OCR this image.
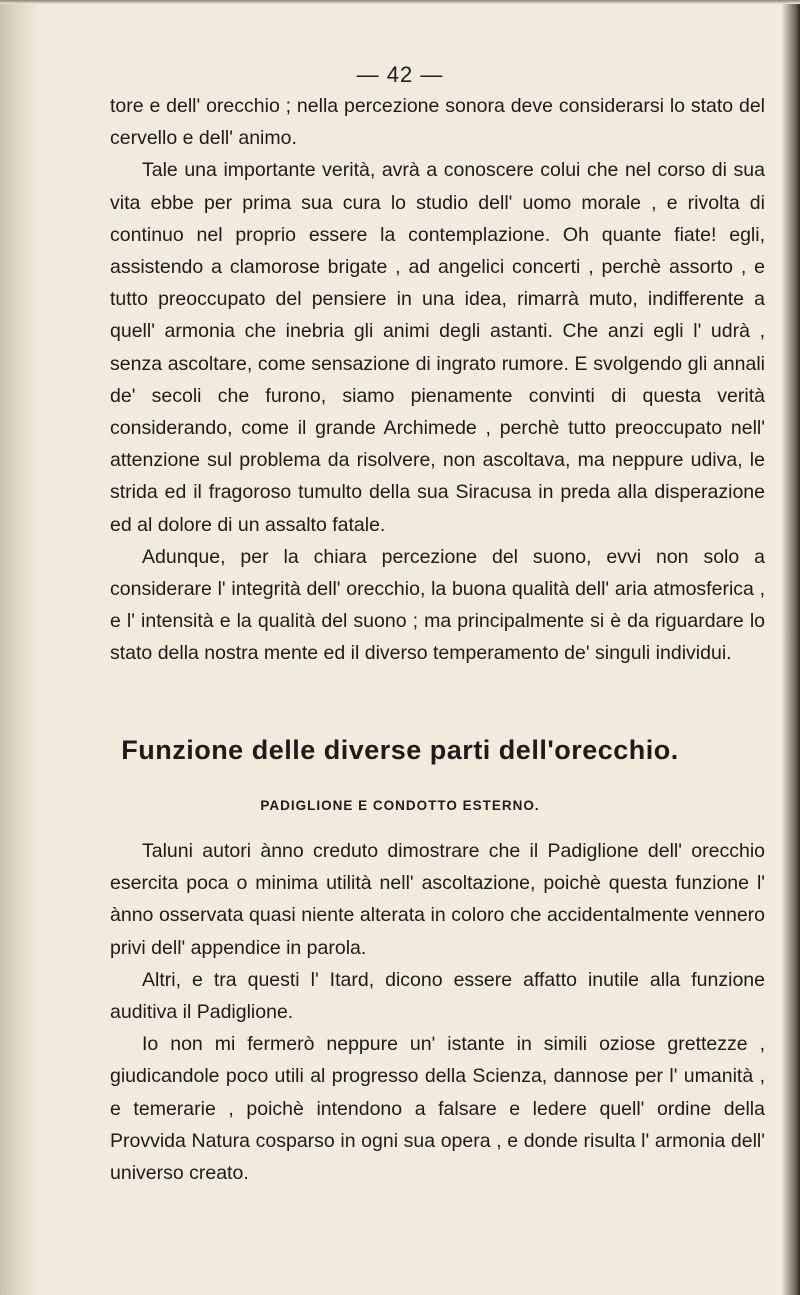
— 42 —

tore e dell' orecchio ; nella percezione sonora deve considerarsi lo stato del cervello e dell' animo.

Tale una importante verità, avrà a conoscere colui che nel corso di sua vita ebbe per prima sua cura lo studio dell' uomo morale , e rivolta di continuo nel proprio essere la contemplazione. Oh quante fiate! egli, assistendo a clamorose brigate , ad angelici concerti , perchè assorto , e tutto preoccupato del pensiere in una idea, rimarrà muto, indifferente a quell' armonia che inebria gli animi degli astanti. Che anzi egli l' udrà , senza ascoltare, come sensazione di ingrato rumore. E svolgendo gli annali de' secoli che furono, siamo pienamente convinti di questa verità considerando, come il grande Archimede , perchè tutto preoccupato nell' attenzione sul problema da risolvere, non ascoltava, ma neppure udiva, le strida ed il fragoroso tumulto della sua Siracusa in preda alla disperazione ed al dolore di un assalto fatale.

Adunque, per la chiara percezione del suono, evvi non solo a considerare l' integrità dell' orecchio, la buona qualità dell' aria atmosferica , e l' intensità e la qualità del suono ; ma principalmente si è da riguardare lo stato della nostra mente ed il diverso temperamento de' singuli individui.

Funzione delle diverse parti dell'orecchio.
PADIGLIONE E CONDOTTO ESTERNO.

Taluni autori ànno creduto dimostrare che il Padiglione dell' orecchio esercita poca o minima utilità nell' ascoltazione, poichè questa funzione l' ànno osservata quasi niente alterata in coloro che accidentalmente vennero privi dell' appendice in parola.

Altri, e tra questi l' Itard, dicono essere affatto inutile alla funzione auditiva il Padiglione.

Io non mi fermerò neppure un' istante in simili oziose grettezze , giudicandole poco utili al progresso della Scienza, dannose per l' umanità , e temerarie , poichè intendono a falsare e ledere quell' ordine della Provvida Natura cosparso in ogni sua opera , e donde risulta l' armonia dell' universo creato.
